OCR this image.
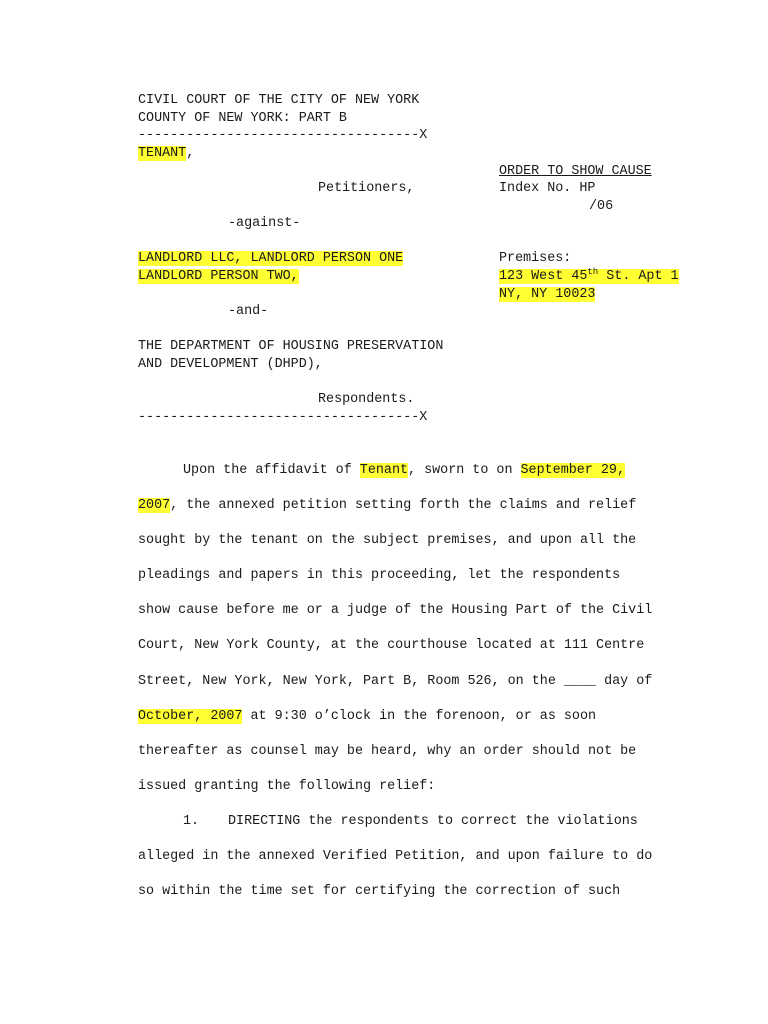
CIVIL COURT OF THE CITY OF NEW YORK
COUNTY OF NEW YORK: PART B
-----------------------------------X
TENANT,
Petitioners,
-against-
LANDLORD LLC, LANDLORD PERSON ONE
LANDLORD PERSON TWO,
-and-
THE DEPARTMENT OF HOUSING PRESERVATION
AND DEVELOPMENT (DHPD),
Respondents.
-----------------------------------X
ORDER TO SHOW CAUSE
Index No. HP
/06
Premises:
123 West 45th St. Apt 1
NY, NY 10023
Upon the affidavit of Tenant, sworn to on September 29,
2007, the annexed petition setting forth the claims and relief
sought by the tenant on the subject premises, and upon all the
pleadings and papers in this proceeding, let the respondents
show cause before me or a judge of the Housing Part of the Civil
Court, New York County, at the courthouse located at 111 Centre
Street, New York, New York, Part B, Room 526, on the ____ day of
October, 2007 at 9:30 o’clock in the forenoon, or as soon
thereafter as counsel may be heard, why an order should not be
issued granting the following relief:
1. DIRECTING the respondents to correct the violations
alleged in the annexed Verified Petition, and upon failure to do
so within the time set for certifying the correction of such
